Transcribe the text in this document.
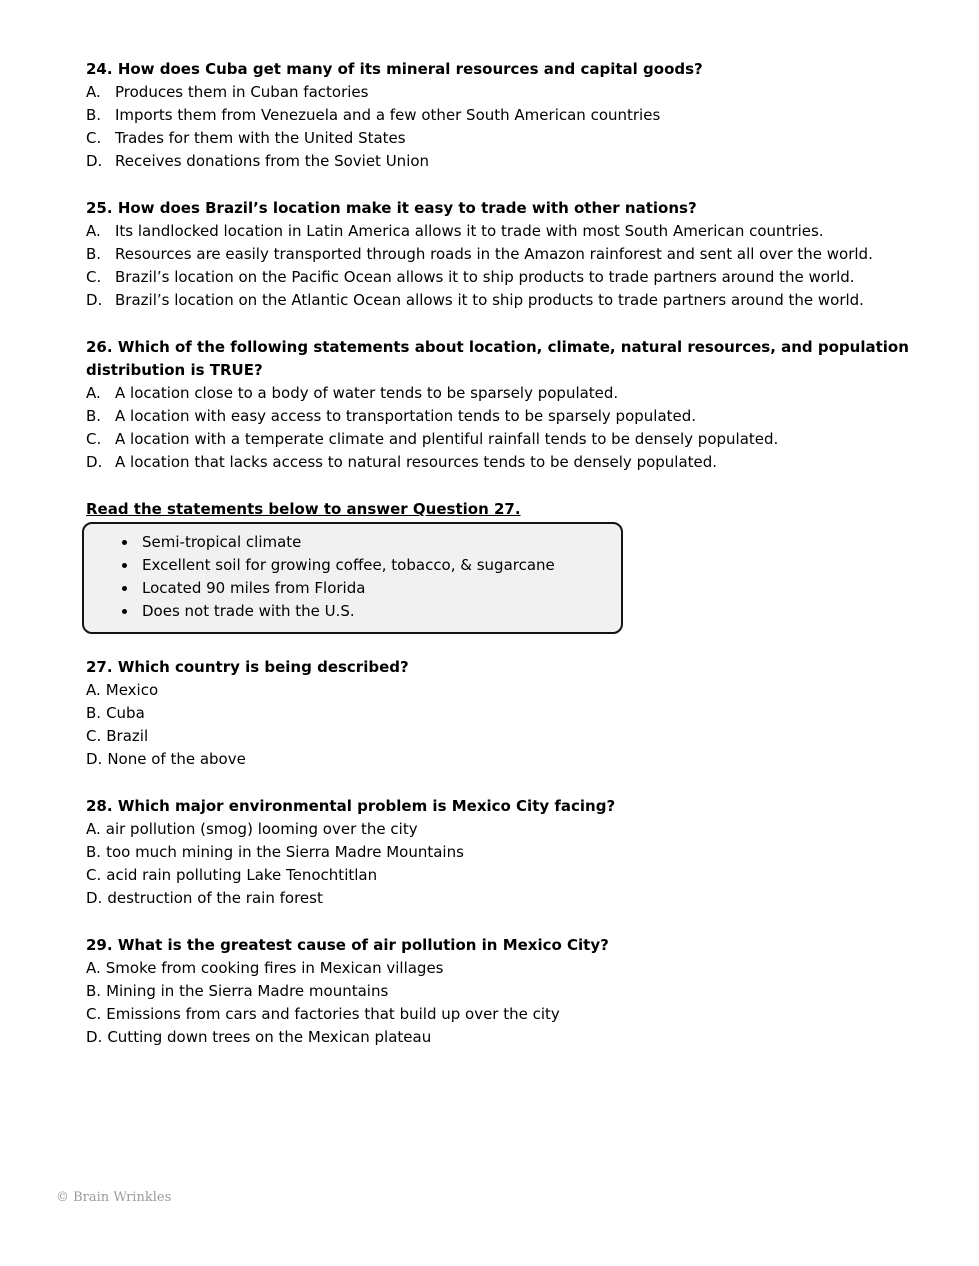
24. How does Cuba get many of its mineral resources and capital goods?

A. Produces them in Cuban factories
B. Imports them from Venezuela and a few other South American countries
C. Trades for them with the United States
D. Receives donations from the Soviet Union

25. How does Brazil’s location make it easy to trade with other nations?

A. Its landlocked location in Latin America allows it to trade with most South American countries.
B. Resources are easily transported through roads in the Amazon rainforest and sent all over the world.
C. Brazil’s location on the Pacific Ocean allows it to ship products to trade partners around the world.
D. Brazil’s location on the Atlantic Ocean allows it to ship products to trade partners around the world.

26. Which of the following statements about location, climate, natural resources, and population distribution is TRUE?

A. A location close to a body of water tends to be sparsely populated.
B. A location with easy access to transportation tends to be sparsely populated.
C. A location with a temperate climate and plentiful rainfall tends to be densely populated.
D. A location that lacks access to natural resources tends to be densely populated.

Read the statements below to answer Question 27.

• Semi-tropical climate
• Excellent soil for growing coffee, tobacco, & sugarcane
• Located 90 miles from Florida
• Does not trade with the U.S.

27. Which country is being described?

A. Mexico
B. Cuba
C. Brazil
D. None of the above

28. Which major environmental problem is Mexico City facing?

A. air pollution (smog) looming over the city
B. too much mining in the Sierra Madre Mountains
C. acid rain polluting Lake Tenochtitlan
D. destruction of the rain forest

29. What is the greatest cause of air pollution in Mexico City?

A. Smoke from cooking fires in Mexican villages
B. Mining in the Sierra Madre mountains
C. Emissions from cars and factories that build up over the city
D. Cutting down trees on the Mexican plateau
© Brain Wrinkles
